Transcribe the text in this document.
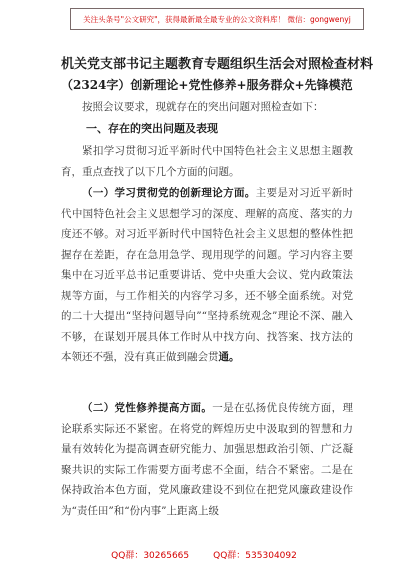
关注头条号"公文研究"，获得最新最全最专业的公文资料库！ 微信：gongwenyj
机关党支部书记主题教育专题组织生活会对照检查材料
（2324字）创新理论+党性修养+服务群众+先锋模范
按照会议要求，现就存在的突出问题对照检查如下：
一、存在的突出问题及表现
紧扣学习贯彻习近平新时代中国特色社会主义思想主题教育，重点查找了以下几个方面的问题。
（一）学习贯彻党的创新理论方面。主要是对习近平新时代中国特色社会主义思想学习的深度、理解的高度、落实的力度还不够。对习近平新时代中国特色社会主义思想的整体性把握存在差距，存在急用急学、现用现学的问题。学习内容主要集中在习近平总书记重要讲话、党中央重大会议、党内政策法规等方面，与工作相关的内容学习多，还不够全面系统。对党的二十大提出“坚持问题导向”“坚持系统观念”理论不深、融入不够，在谋划开展具体工作时从中找方向、找答案、找方法的本领还不强，没有真正做到融会贯通。
（二）党性修养提高方面。一是在弘扬优良传统方面，理论联系实际还不紧密。在将党的辉煌历史中汲取到的智慧和力量有效转化为提高调查研究能力、加强思想政治引领、广泛凝聚共识的实际工作需要方面考虑不全面，结合不紧密。二是在保持政治本色方面，党风廉政建设不到位在把党风廉政建设作为“责任田”和“份内事”上距离上级
QQ群：30265665	QQ群：535304092
